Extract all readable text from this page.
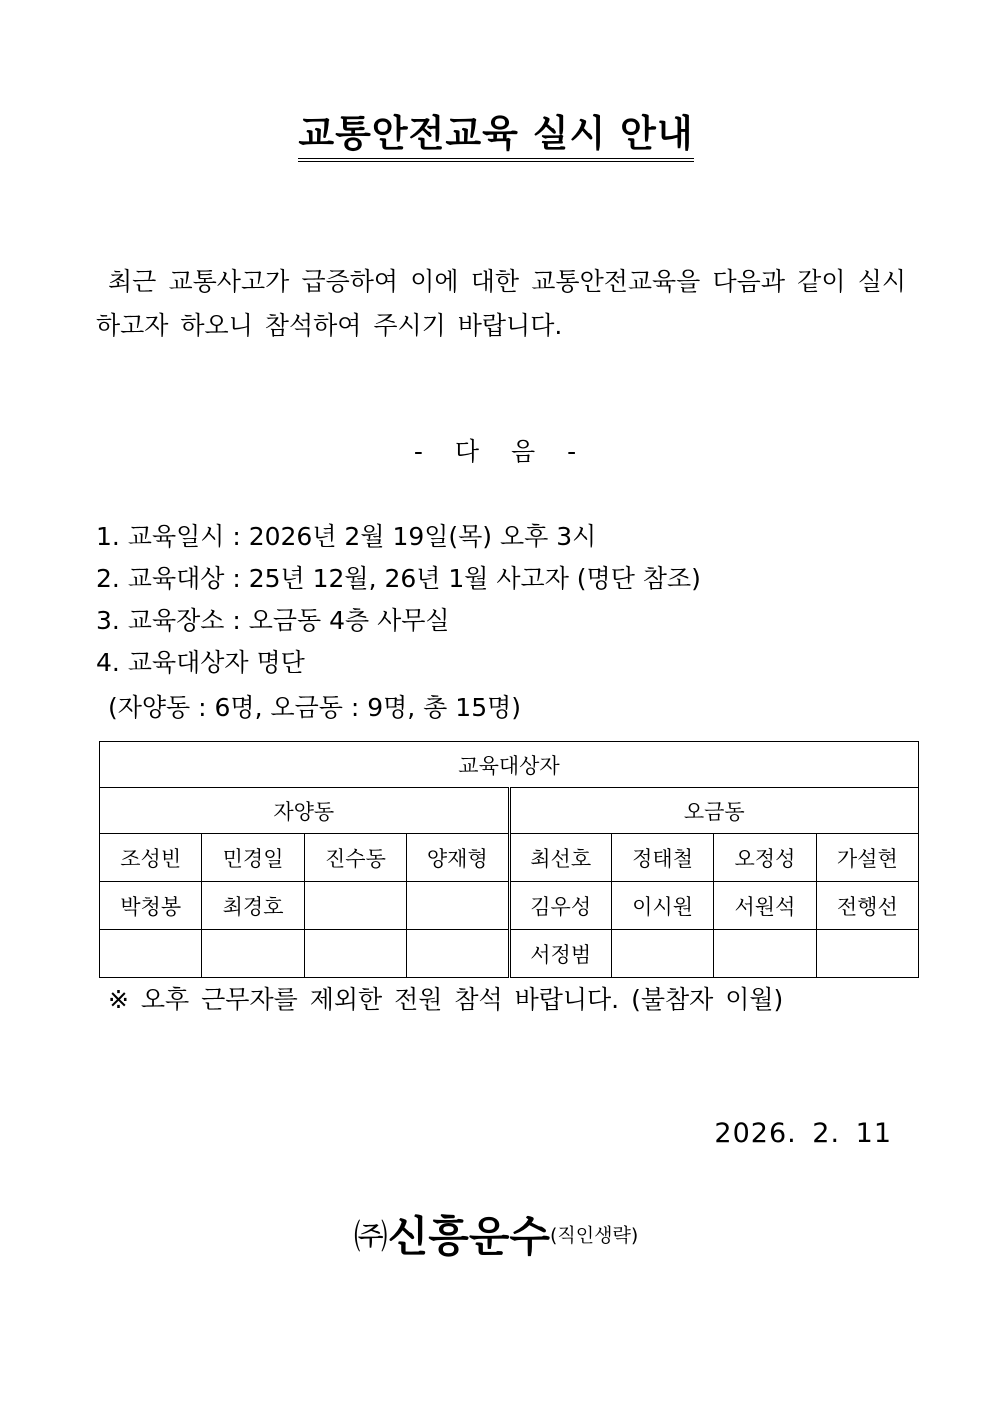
교통안전교육 실시 안내
최근 교통사고가 급증하여 이에 대한 교통안전교육을 다음과 같이 실시하고자 하오니 참석하여 주시기 바랍니다.
- 다 음 -
1. 교육일시 : 2026년 2월 19일(목) 오후 3시
2. 교육대상 : 25년 12월, 26년 1월 사고자 (명단 참조)
3. 교육장소 : 오금동 4층 사무실
4. 교육대상자 명단
(자양동 : 6명, 오금동 : 9명, 총 15명)
교육대상자							
자양동				오금동			
조성빈	민경일	진수동	양재형	최선호	정태철	오정성	가설현
박청봉	최경호			김우성	이시원	서원석	전행선
				서정범			
※ 오후 근무자를 제외한 전원 참석 바랍니다. (불참자 이월)
2026. 2. 11
㈜신흥운수(직인생략)
